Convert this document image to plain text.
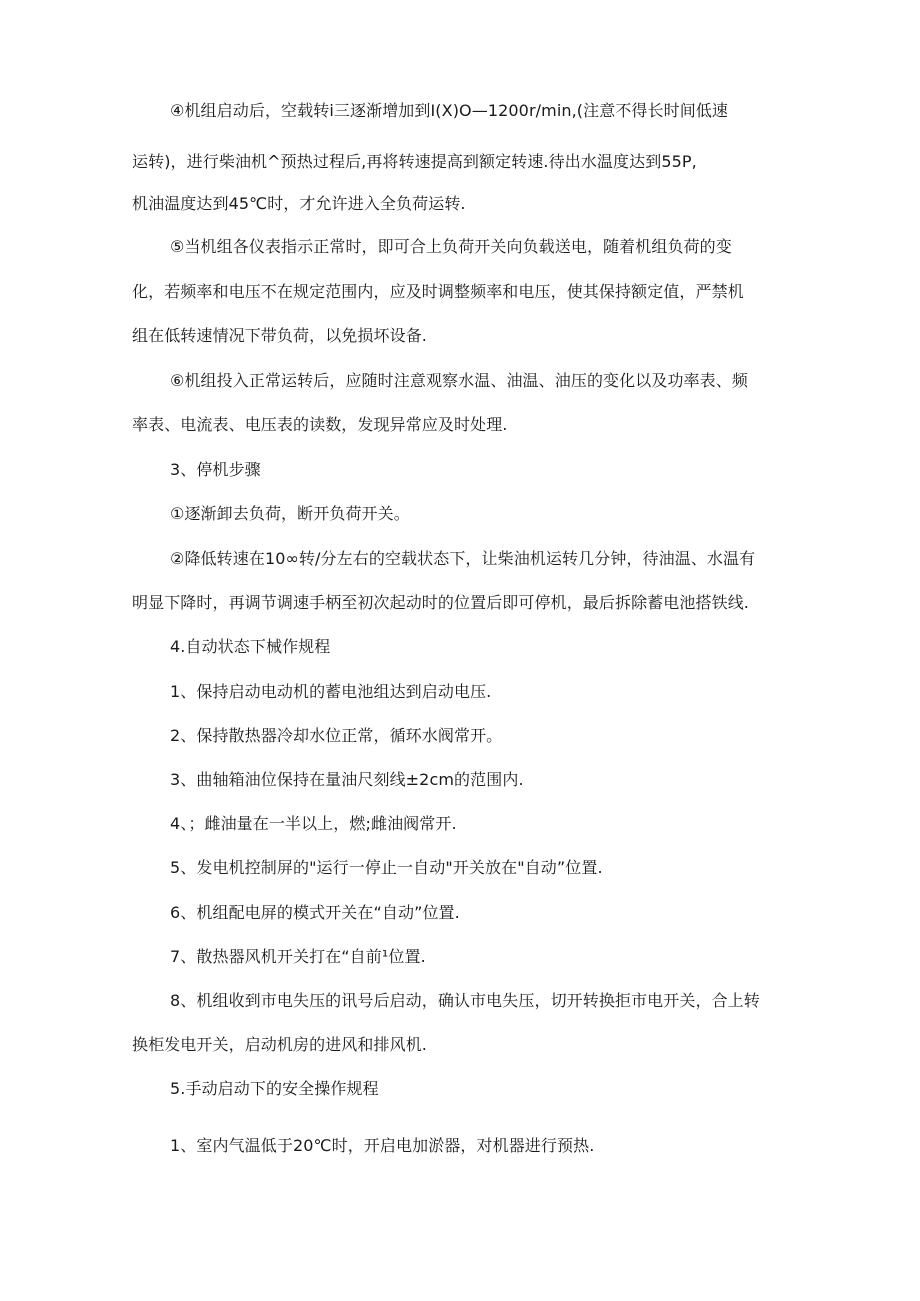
④机组启动后，空载转i三逐渐增加到I(X)O—1200r∕min,(注意不得长时间低速
运转)，进行柴油机^预热过程后,再将转速提高到额定转速.待出水温度达到55P,
机油温度达到45℃时，才允许进入全负荷运转.
⑤当机组各仪表指示正常时，即可合上负荷开关向负载送电，随着机组负荷的变
化，若频率和电压不在规定范围内，应及时调整频率和电压，使其保持额定值，严禁机
组在低转速情况下带负荷，以免损坏设备.
⑥机组投入正常运转后，应随时注意观察水温、油温、油压的变化以及功率表、频
率表、电流表、电压表的读数，发现异常应及时处理.
3、停机步骤
①逐渐卸去负荷，断开负荷开关。
②降低转速在10∞转/分左右的空载状态下，让柴油机运转几分钟，待油温、水温有
明显下降时，再调节调速手柄至初次起动时的位置后即可停机，最后拆除蓄电池搭铁线.
4.自动状态下械作规程
1、保持启动电动机的蓄电池组达到启动电压.
2、保持散热器冷却水位正常，循环水阀常开。
3、曲轴箱油位保持在量油尺刻线±2cm的范围内.
4、；雌油量在一半以上，燃;雌油阀常开.
5、发电机控制屏的"运行一停止一自动"开关放在"自动”位置.
6、机组配电屏的模式开关在“自动”位置.
7、散热器风机开关打在“自前¹位置.
8、机组收到市电失压的讯号后启动，确认市电失压，切开转换拒市电开关，合上转
换柜发电开关，启动机房的进风和排风机.
5.手动启动下的安全操作规程
1、室内气温低于20℃时，开启电加淤器，对机器进行预热.
